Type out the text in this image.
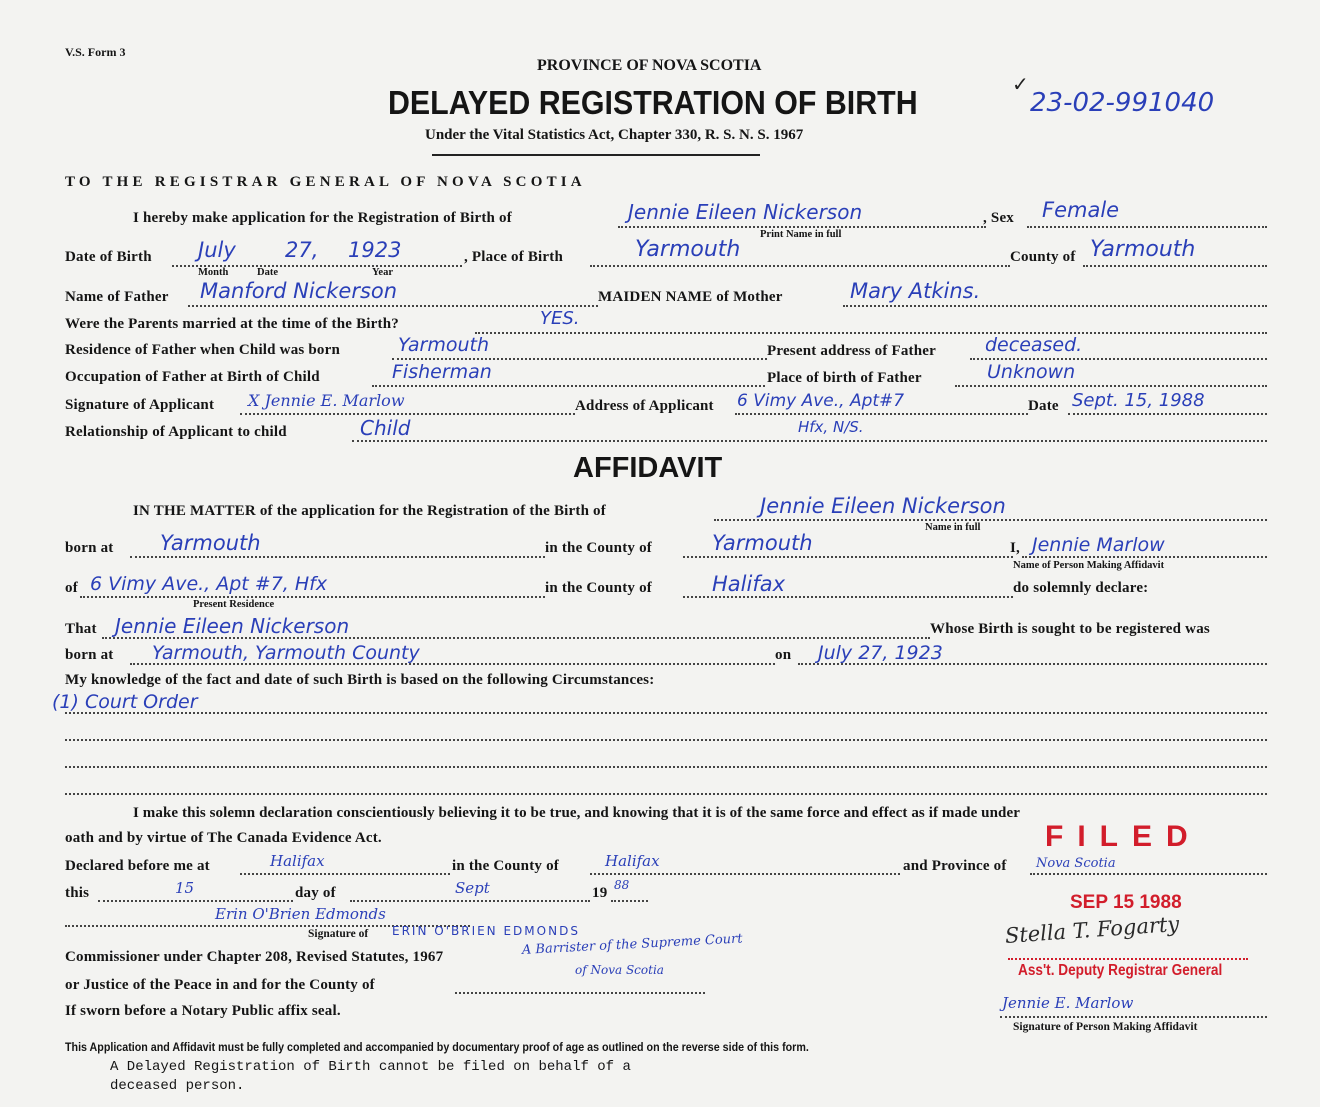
V.S. Form 3
PROVINCE OF NOVA SCOTIA
DELAYED REGISTRATION OF BIRTH	✓
23-02-991040
Under the Vital Statistics Act, Chapter 330, R. S. N. S. 1967
TO THE REGISTRAR GENERAL OF NOVA SCOTIA
I hereby make application for the Registration of Birth of	Jennie Eileen Nickerson
Print Name in full
, Sex Female
Date of Birth July 27, 1923
Month	Date	Year
, Place of Birth	Yarmouth	County of Yarmouth
Name of Father Manford Nickerson	MAIDEN NAME of Mother	Mary Atkins.
Were the Parents married at the time of the Birth?	YES.
Residence of Father when Child was born	Yarmouth	Present address of Father	deceased.
Occupation of Father at Birth of Child	Fisherman	Place of birth of Father	Unknown
Signature of Applicant X Jennie E. Marlow	Address of Applicant 6 Vimy Ave., Apt#7
Hfx, N/S.
Date Sept. 15, 1988
Relationship of Applicant to child	Child
AFFIDAVIT
IN THE MATTER of the application for the Registration of the Birth of	Jennie Eileen Nickerson
Name in full
born at Yarmouth	in the County of	Yarmouth	I, Jennie Marlow
Name of Person Making Affidavit
of 6 Vimy Ave., Apt #7, Hfx
Present Residence
in the County of	Halifax	do solemnly declare:
That Jennie Eileen Nickerson	Whose Birth is sought to be registered was
born at Yarmouth, Yarmouth County	on July 27, 1923
My knowledge of the fact and date of such Birth is based on the following Circumstances:
(1) Court Order
I make this solemn declaration conscientiously believing it to be true, and knowing that it is of the same force and effect as if made under
oath and by virtue of The Canada Evidence Act.
Declared before me at	Halifax	in the County of	Halifax	and Province of Nova Scotia
this	15	day of	Sept	19 88
Erin O'Brien Edmonds
Signature of ERIN O'BRIEN EDMONDS
Commissioner under Chapter 208, Revised Statutes, 1967	A Barrister of the Supreme Court
of Nova Scotia
or Justice of the Peace in and for the County of
If sworn before a Notary Public affix seal.
FILED
SEP 15 1988
Stella T. Fogarty
Ass't. Deputy Registrar General
Jennie E. Marlow
Signature of Person Making Affidavit
This Application and Affidavit must be fully completed and accompanied by documentary proof of age as outlined on the reverse side of this form.
A Delayed Registration of Birth cannot be filed on behalf of a
deceased person.
